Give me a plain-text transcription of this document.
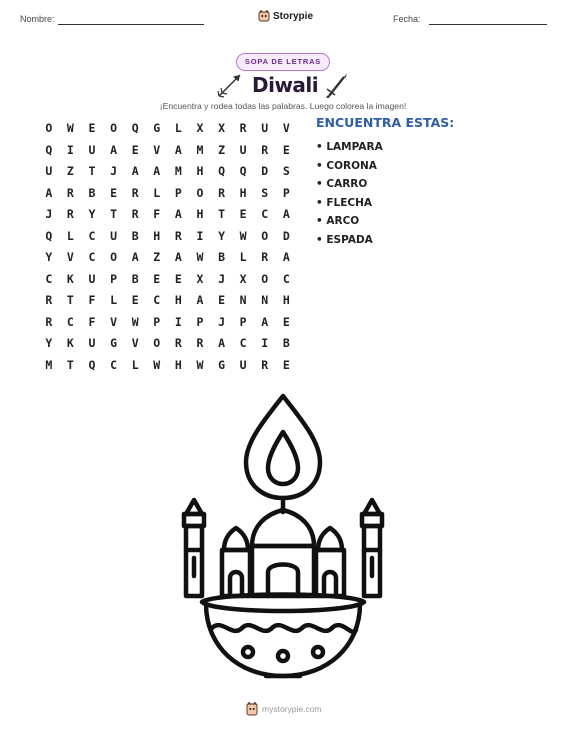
Nombre:	Storypie	Fecha:
SOPA DE LETRAS
Diwali
¡Encuentra y rodea todas las palabras. Luego colorea la imagen!
O	W	E	O	Q	G	L	X	X	R	U	V
Q	I	U	A	E	V	A	M	Z	U	R	E
U	Z	T	J	A	A	M	H	Q	Q	D	S
A	R	B	E	R	L	P	O	R	H	S	P
J	R	Y	T	R	F	A	H	T	E	C	A
Q	L	C	U	B	H	R	I	Y	W	O	D
Y	V	C	O	A	Z	A	W	B	L	R	A
C	K	U	P	B	E	E	X	J	X	O	C
R	T	F	L	E	C	H	A	E	N	N	H
R	C	F	V	W	P	I	P	J	P	A	E
Y	K	U	G	V	O	R	R	A	C	I	B
M	T	Q	C	L	W	H	W	G	U	R	E
ENCUENTRA ESTAS:
• LAMPARA
• CORONA
• CARRO
• FLECHA
• ARCO
• ESPADA
mystorypie.com
